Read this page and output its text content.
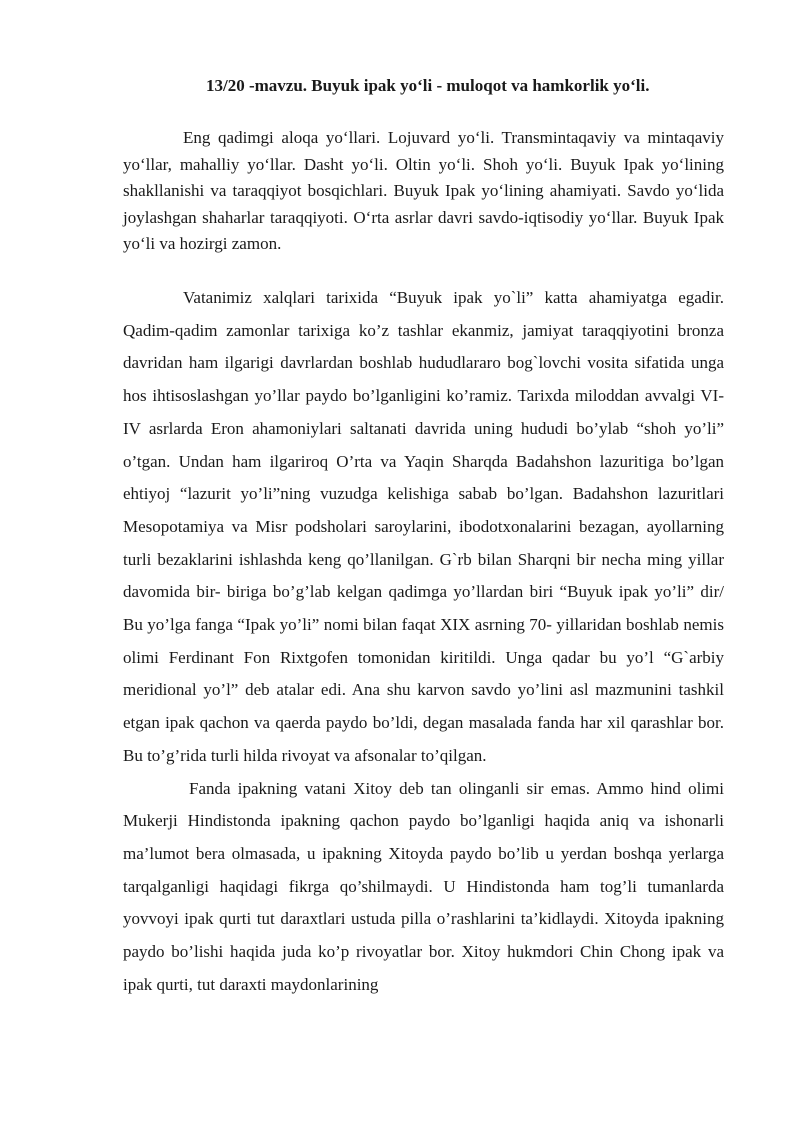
13/20 -mavzu. Buyuk ipak yo‘li - muloqot va hamkorlik yo‘li.

Eng qadimgi aloqa yo‘llari. Lojuvard yo‘li. Transmintaqaviy va mintaqaviy yo‘llar, mahalliy yo‘llar. Dasht yo‘li. Oltin yo‘li. Shoh yo‘li. Buyuk Ipak yo‘lining shakllanishi va taraqqiyot bosqichlari. Buyuk Ipak yo‘lining ahamiyati. Savdo yo‘lida joylashgan shaharlar taraqqiyoti. O‘rta asrlar davri savdo-iqtisodiy yo‘llar. Buyuk Ipak yo‘li va hozirgi zamon.

Vatanimiz xalqlari tarixida “Buyuk ipak yo`li” katta ahamiyatga egadir. Qadim-qadim zamonlar tarixiga ko’z tashlar ekanmiz, jamiyat taraqqiyotini bronza davridan ham ilgarigi davrlardan boshlab hududlararo bog`lovchi vosita sifatida unga hos ihtisoslashgan yo’llar paydo bo’lganligini ko’ramiz. Tarixda miloddan avvalgi VI-IV asrlarda Eron ahamoniylari saltanati davrida uning hududi bo’ylab “shoh yo’li” o’tgan. Undan ham ilgariroq O’rta va Yaqin Sharqda Badahshon lazuritiga bo’lgan ehtiyoj “lazurit yo’li”ning vuzudga kelishiga sabab bo’lgan. Badahshon lazuritlari Mesopotamiya va Misr podsholari saroylarini, ibodotxonalarini bezagan, ayollarning turli bezaklarini ishlashda keng qo’llanilgan. G`rb bilan Sharqni bir necha ming yillar davomida bir- biriga bo’g’lab kelgan qadimga yo’llardan biri “Buyuk ipak yo’li” dir/ Bu yo’lga fanga “Ipak yo’li” nomi bilan faqat XIX asrning 70- yillaridan boshlab nemis olimi Ferdinant Fon Rixtgofen tomonidan kiritildi. Unga qadar bu yo’l “G`arbiy meridional yo’l” deb atalar edi. Ana shu karvon savdo yo’lini asl mazmunini tashkil etgan ipak qachon va qaerda paydo bo’ldi, degan masalada fanda har xil qarashlar bor. Bu to’g’rida turli hilda rivoyat va afsonalar to’qilgan.

Fanda ipakning vatani Xitoy deb tan olinganli sir emas. Ammo hind olimi Mukerji Hindistonda ipakning qachon paydo bo’lganligi haqida aniq va ishonarli ma’lumot bera olmasada, u ipakning Xitoyda paydo bo’lib u yerdan boshqa yerlarga tarqalganligi haqidagi fikrga qo’shilmaydi. U Hindistonda ham tog’li tumanlarda yovvoyi ipak qurti tut daraxtlari ustuda pilla o’rashlarini ta’kidlaydi. Xitoyda ipakning paydo bo’lishi haqida juda ko’p rivoyatlar bor. Xitoy hukmdori Chin Chong ipak va ipak qurti, tut daraxti maydonlarining
